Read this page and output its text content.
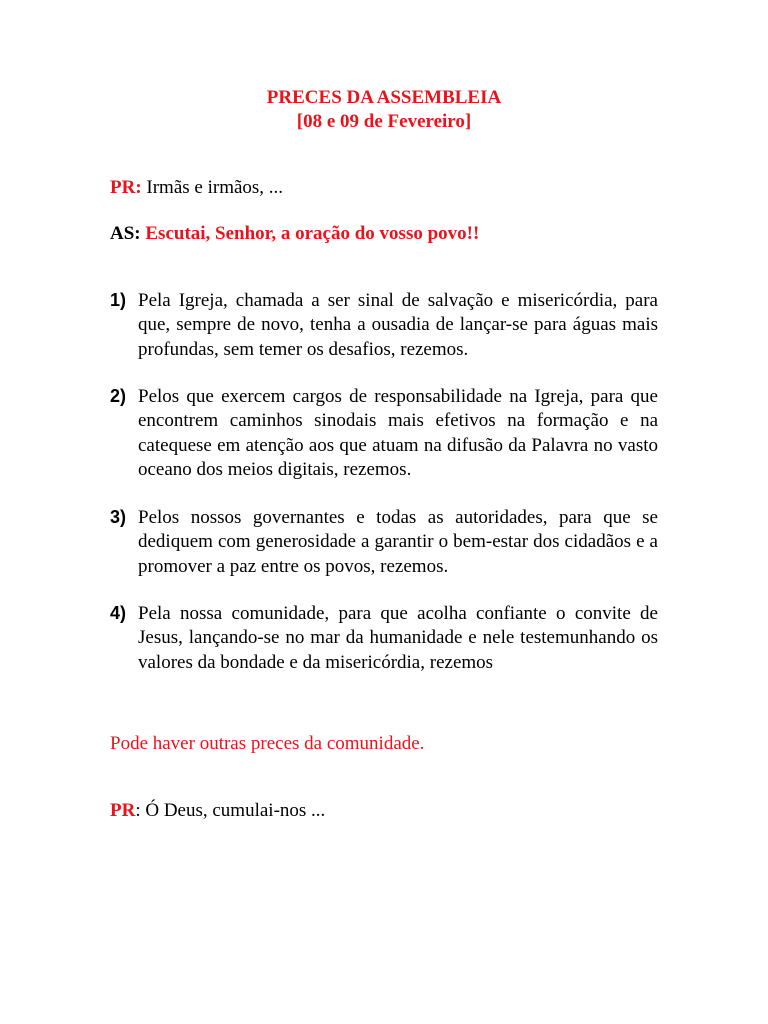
PRECES DA ASSEMBLEIA
[08 e 09 de Fevereiro]
PR: Irmãs e irmãos, ...
AS: Escutai, Senhor, a oração do vosso povo!!
1) Pela Igreja, chamada a ser sinal de salvação e misericórdia, para que, sempre de novo, tenha a ousadia de lançar-se para águas mais profundas, sem temer os desafios, rezemos.
2) Pelos que exercem cargos de responsabilidade na Igreja, para que encontrem caminhos sinodais mais efetivos na formação e na catequese em atenção aos que atuam na difusão da Palavra no vasto oceano dos meios digitais, rezemos.
3) Pelos nossos governantes e todas as autoridades, para que se dediquem com generosidade a garantir o bem-estar dos cidadãos e a promover a paz entre os povos, rezemos.
4) Pela nossa comunidade, para que acolha confiante o convite de Jesus, lançando-se no mar da humanidade e nele testemunhando os valores da bondade e da misericórdia, rezemos
Pode haver outras preces da comunidade.
PR: Ó Deus, cumulai-nos ...
